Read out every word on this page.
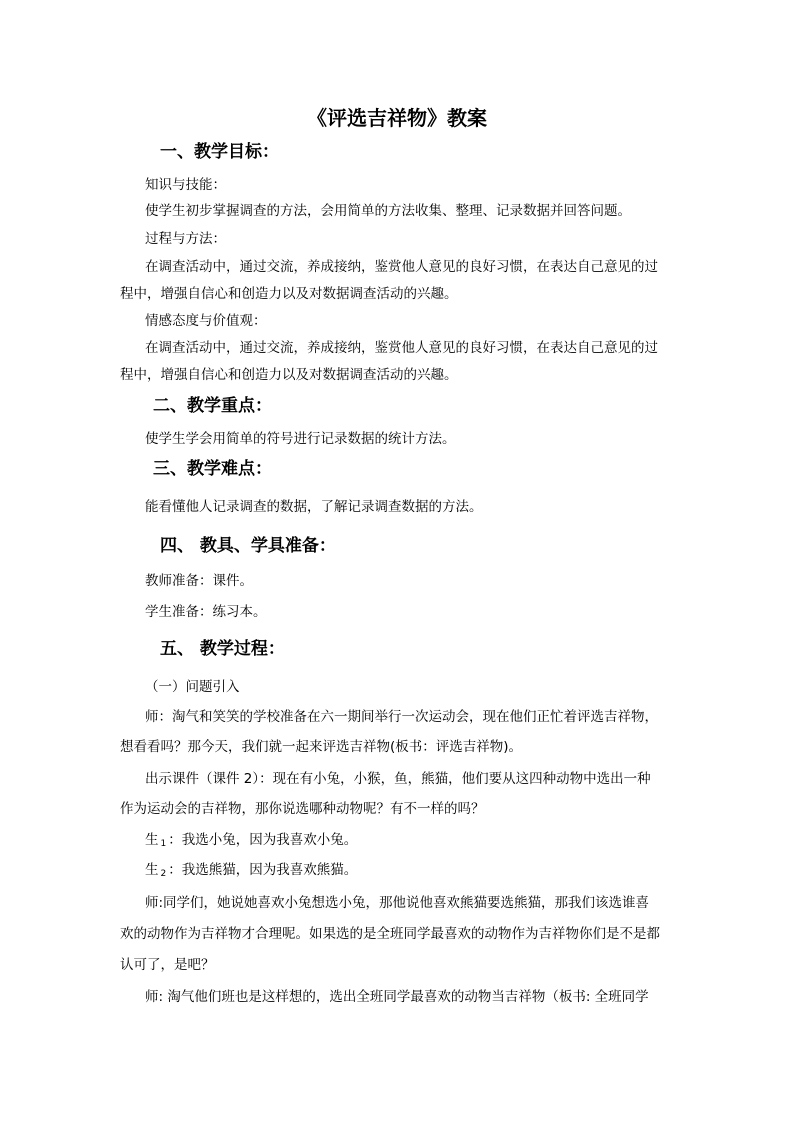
《评选吉祥物》教案
一、教学目标：
知识与技能：
使学生初步掌握调查的方法，会用简单的方法收集、整理、记录数据并回答问题。
过程与方法：
在调查活动中，通过交流，养成接纳，鉴赏他人意见的良好习惯，在表达自己意见的过
程中，增强自信心和创造力以及对数据调查活动的兴趣。
情感态度与价值观：
在调查活动中，通过交流，养成接纳，鉴赏他人意见的良好习惯，在表达自己意见的过
程中，增强自信心和创造力以及对数据调查活动的兴趣。
二、教学重点：
使学生学会用简单的符号进行记录数据的统计方法。
三、教学难点：
能看懂他人记录调查的数据，了解记录调查数据的方法。
四、 教具、学具准备：
教师准备：课件。
学生准备：练习本。
五、 教学过程：
（一）问题引入
师：淘气和笑笑的学校准备在六一期间举行一次运动会，现在他们正忙着评选吉祥物，
想看看吗？那今天，我们就一起来评选吉祥物(板书：评选吉祥物)。
出示课件（课件 2）：现在有小兔，小猴，鱼，熊猫，他们要从这四种动物中选出一种
作为运动会的吉祥物，那你说选哪种动物呢？有不一样的吗？
生 $_1$ ：我选小兔，因为我喜欢小兔。
生 $_2$ ：我选熊猫，因为我喜欢熊猫。
师:同学们，她说她喜欢小兔想选小兔，那他说他喜欢熊猫要选熊猫，那我们该选谁喜
欢的动物作为吉祥物才合理呢。如果选的是全班同学最喜欢的动物作为吉祥物你们是不是都
认可了，是吧？
师: 淘气他们班也是这样想的，选出全班同学最喜欢的动物当吉祥物（板书: 全班同学
